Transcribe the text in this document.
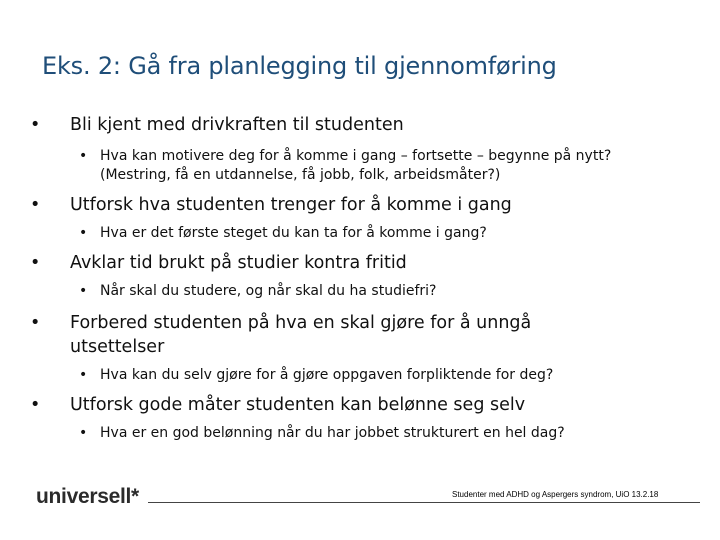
Eks. 2: Gå fra planlegging til gjennomføring
•	Bli kjent med drivkraften til studenten
• Hva kan motivere deg for å komme i gang – fortsette – begynne på nytt? (Mestring, få en utdannelse, få jobb, folk, arbeidsmåter?)
•	Utforsk hva studenten trenger for å komme i gang
• Hva er det første steget du kan ta for å komme i gang?
•	Avklar tid brukt på studier kontra fritid
• Når skal du studere, og når skal du ha studiefri?
•	Forbered studenten på hva en skal gjøre for å unngå utsettelser
• Hva kan du selv gjøre for å gjøre oppgaven forpliktende for deg?
•	Utforsk gode måter studenten kan belønne seg selv
• Hva er en god belønning når du har jobbet strukturert en hel dag?
universell*	Studenter med ADHD og Aspergers syndrom, UiO 13.2.18
